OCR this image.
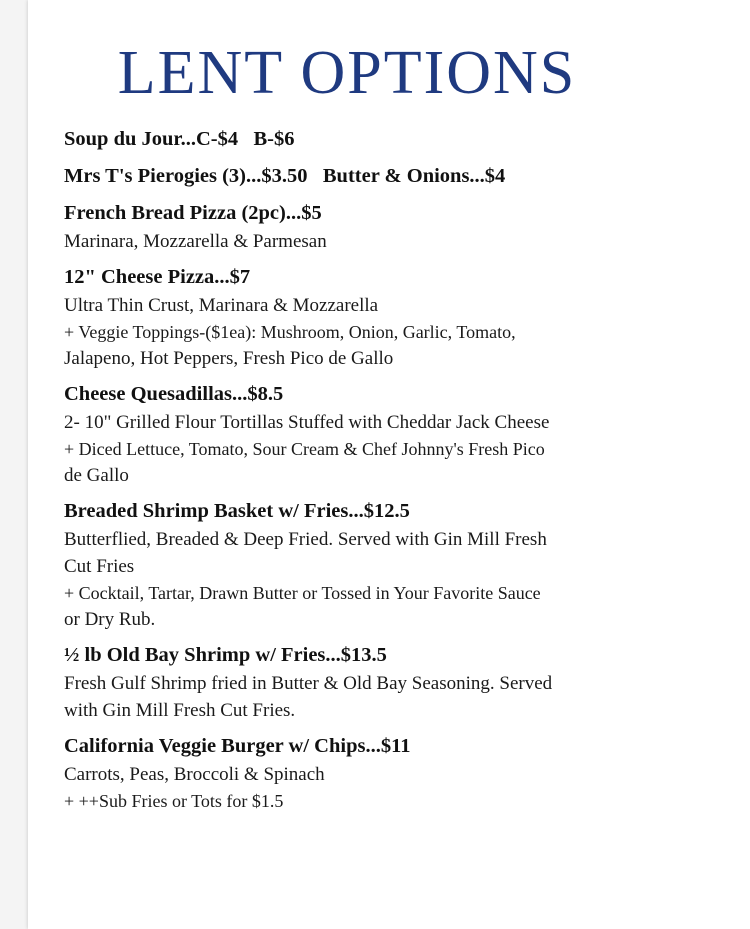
LENT OPTIONS
Soup du Jour...C-$4   B-$6
Mrs T's Pierogies (3)...$3.50   Butter & Onions...$4
French Bread Pizza (2pc)...$5
Marinara, Mozzarella & Parmesan
12" Cheese Pizza...$7
Ultra Thin Crust, Marinara & Mozzarella
+ Veggie Toppings-($1ea): Mushroom, Onion, Garlic, Tomato,
Jalapeno, Hot Peppers, Fresh Pico de Gallo
Cheese Quesadillas...$8.5
2- 10" Grilled Flour Tortillas Stuffed with Cheddar Jack Cheese
+ Diced Lettuce, Tomato, Sour Cream & Chef Johnny's Fresh Pico
de Gallo
Breaded Shrimp Basket w/ Fries...$12.5
Butterflied, Breaded & Deep Fried. Served with Gin Mill Fresh
Cut Fries
+ Cocktail, Tartar, Drawn Butter or Tossed in Your Favorite Sauce
or Dry Rub.
½ lb Old Bay Shrimp w/ Fries...$13.5
Fresh Gulf Shrimp fried in Butter & Old Bay Seasoning. Served
with Gin Mill Fresh Cut Fries.
California Veggie Burger w/ Chips...$11
Carrots, Peas, Broccoli & Spinach
+ ++Sub Fries or Tots for $1.5
